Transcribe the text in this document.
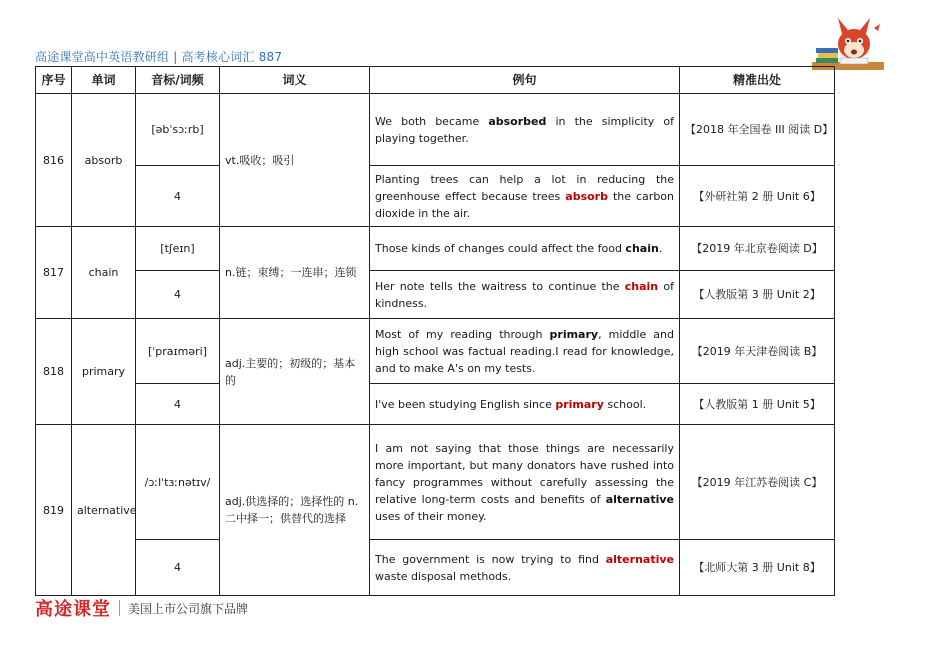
高途课堂高中英语教研组 | 高考核心词汇 887
序号	单词	音标/词频	词义	例句	精准出处
816	absorb	[əbˈsɔːrb]	vt.吸收；吸引	We both became absorbed in the simplicity of playing together.	【2018 年全国卷 III 阅读 D】
		4		Planting trees can help a lot in reducing the greenhouse effect because trees absorb the carbon dioxide in the air.	【外研社第 2 册 Unit 6】
817	chain	[tʃeɪn]	n.链；束缚；一连串；连锁	Those kinds of changes could affect the food chain.	【2019 年北京卷阅读 D】
		4		Her note tells the waitress to continue the chain of kindness.	【人教版第 3 册 Unit 2】
818	primary	[ˈpraɪməri]	adj.主要的；初级的；基本的	Most of my reading through primary, middle and high school was factual reading.I read for knowledge, and to make A's on my tests.	【2019 年天津卷阅读 B】
		4		I've been studying English since primary school.	【人教版第 1 册 Unit 5】
819	alternative	/ɔːlˈtɜːnətɪv/	adj.供选择的；选择性的 n.二中择一；供替代的选择	I am not saying that those things are necessarily more important, but many donators have rushed into fancy programmes without carefully assessing the relative long-term costs and benefits of alternative uses of their money.	【2019 年江苏卷阅读 C】
		4		The government is now trying to find alternative waste disposal methods.	【北师大第 3 册 Unit 8】
高途课堂 美国上市公司旗下品牌
